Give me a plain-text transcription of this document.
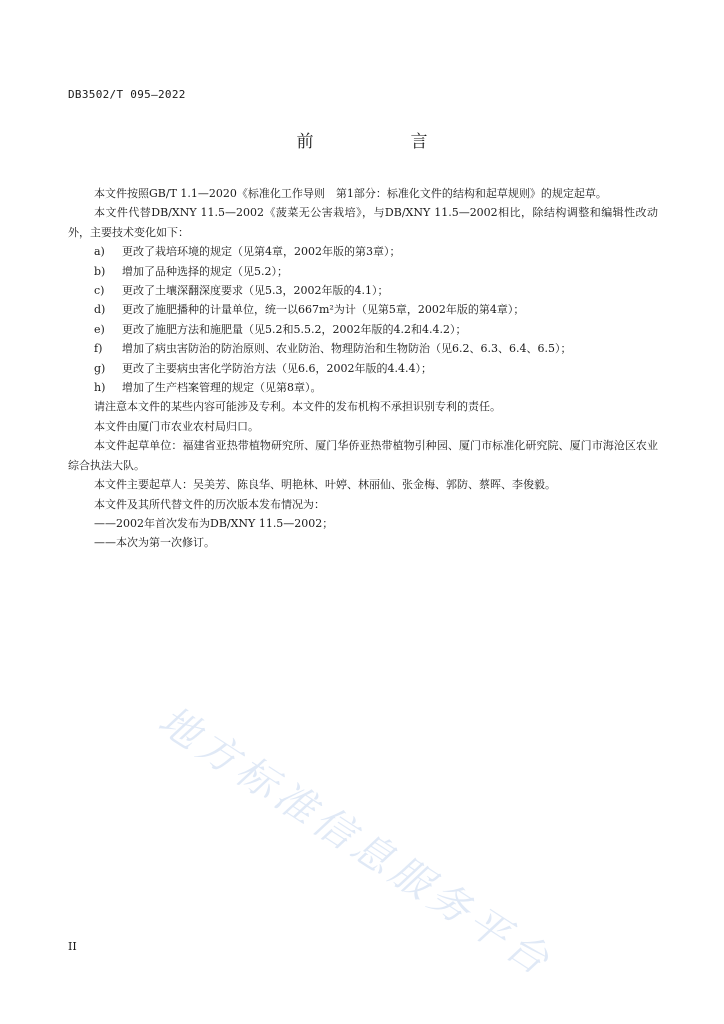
DB3502/T 095—2022
前　言

本文件按照GB/T 1.1—2020《标准化工作导则　第1部分：标准化文件的结构和起草规则》的规定起草。

本文件代替DB/XNY 11.5—2002《菠菜无公害栽培》，与DB/XNY 11.5—2002相比，除结构调整和编辑性改动外，主要技术变化如下：

a)	更改了栽培环境的规定（见第4章，2002年版的第3章）；
b)	增加了品种选择的规定（见5.2）；
c)	更改了土壤深翻深度要求（见5.3，2002年版的4.1）；
d)	更改了施肥播种的计量单位，统一以667m²为计（见第5章，2002年版的第4章）；
e)	更改了施肥方法和施肥量（见5.2和5.5.2，2002年版的4.2和4.4.2）；
f)	增加了病虫害防治的防治原则、农业防治、物理防治和生物防治（见6.2、6.3、6.4、6.5）；
g)	更改了主要病虫害化学防治方法（见6.6，2002年版的4.4.4）；
h)	增加了生产档案管理的规定（见第8章）。

请注意本文件的某些内容可能涉及专利。本文件的发布机构不承担识别专利的责任。

本文件由厦门市农业农村局归口。

本文件起草单位：福建省亚热带植物研究所、厦门华侨亚热带植物引种园、厦门市标准化研究院、厦门市海沧区农业综合执法大队。

本文件主要起草人：吴美芳、陈良华、明艳林、叶婷、林丽仙、张金梅、郭防、蔡晖、李俊毅。

本文件及其所代替文件的历次版本发布情况为：

——2002年首次发布为DB/XNY 11.5—2002；

——本次为第一次修订。

地方标准信息服务平台
II
